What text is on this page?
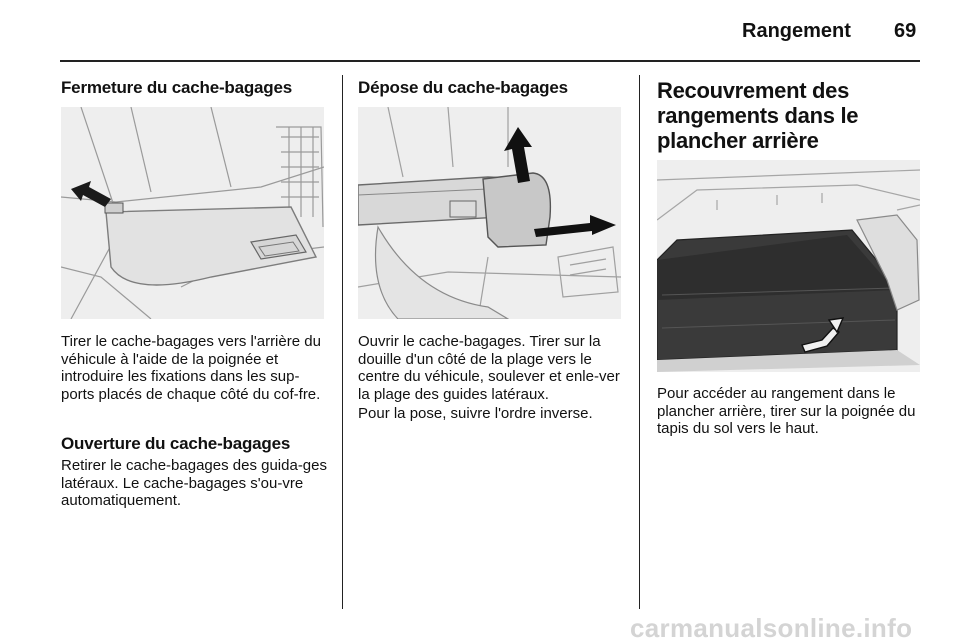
Rangement 69
Fermeture du cache-bagages

Tirer le cache-bagages vers l'arrière du véhicule à l'aide de la poignée et introduire les fixations dans les sup-ports placés de chaque côté du cof-fre.

Ouverture du cache-bagages

Retirer le cache-bagages des guida-ges latéraux. Le cache-bagages s'ou-vre automatiquement.

Dépose du cache-bagages

Ouvrir le cache-bagages. Tirer sur la douille d'un côté de la plage vers le centre du véhicule, soulever et enle-ver la plage des guides latéraux.

Pour la pose, suivre l'ordre inverse.

Recouvrement des rangements dans le plancher arrière

Pour accéder au rangement dans le plancher arrière, tirer sur la poignée du tapis du sol vers le haut.

carmanualsonline.info
